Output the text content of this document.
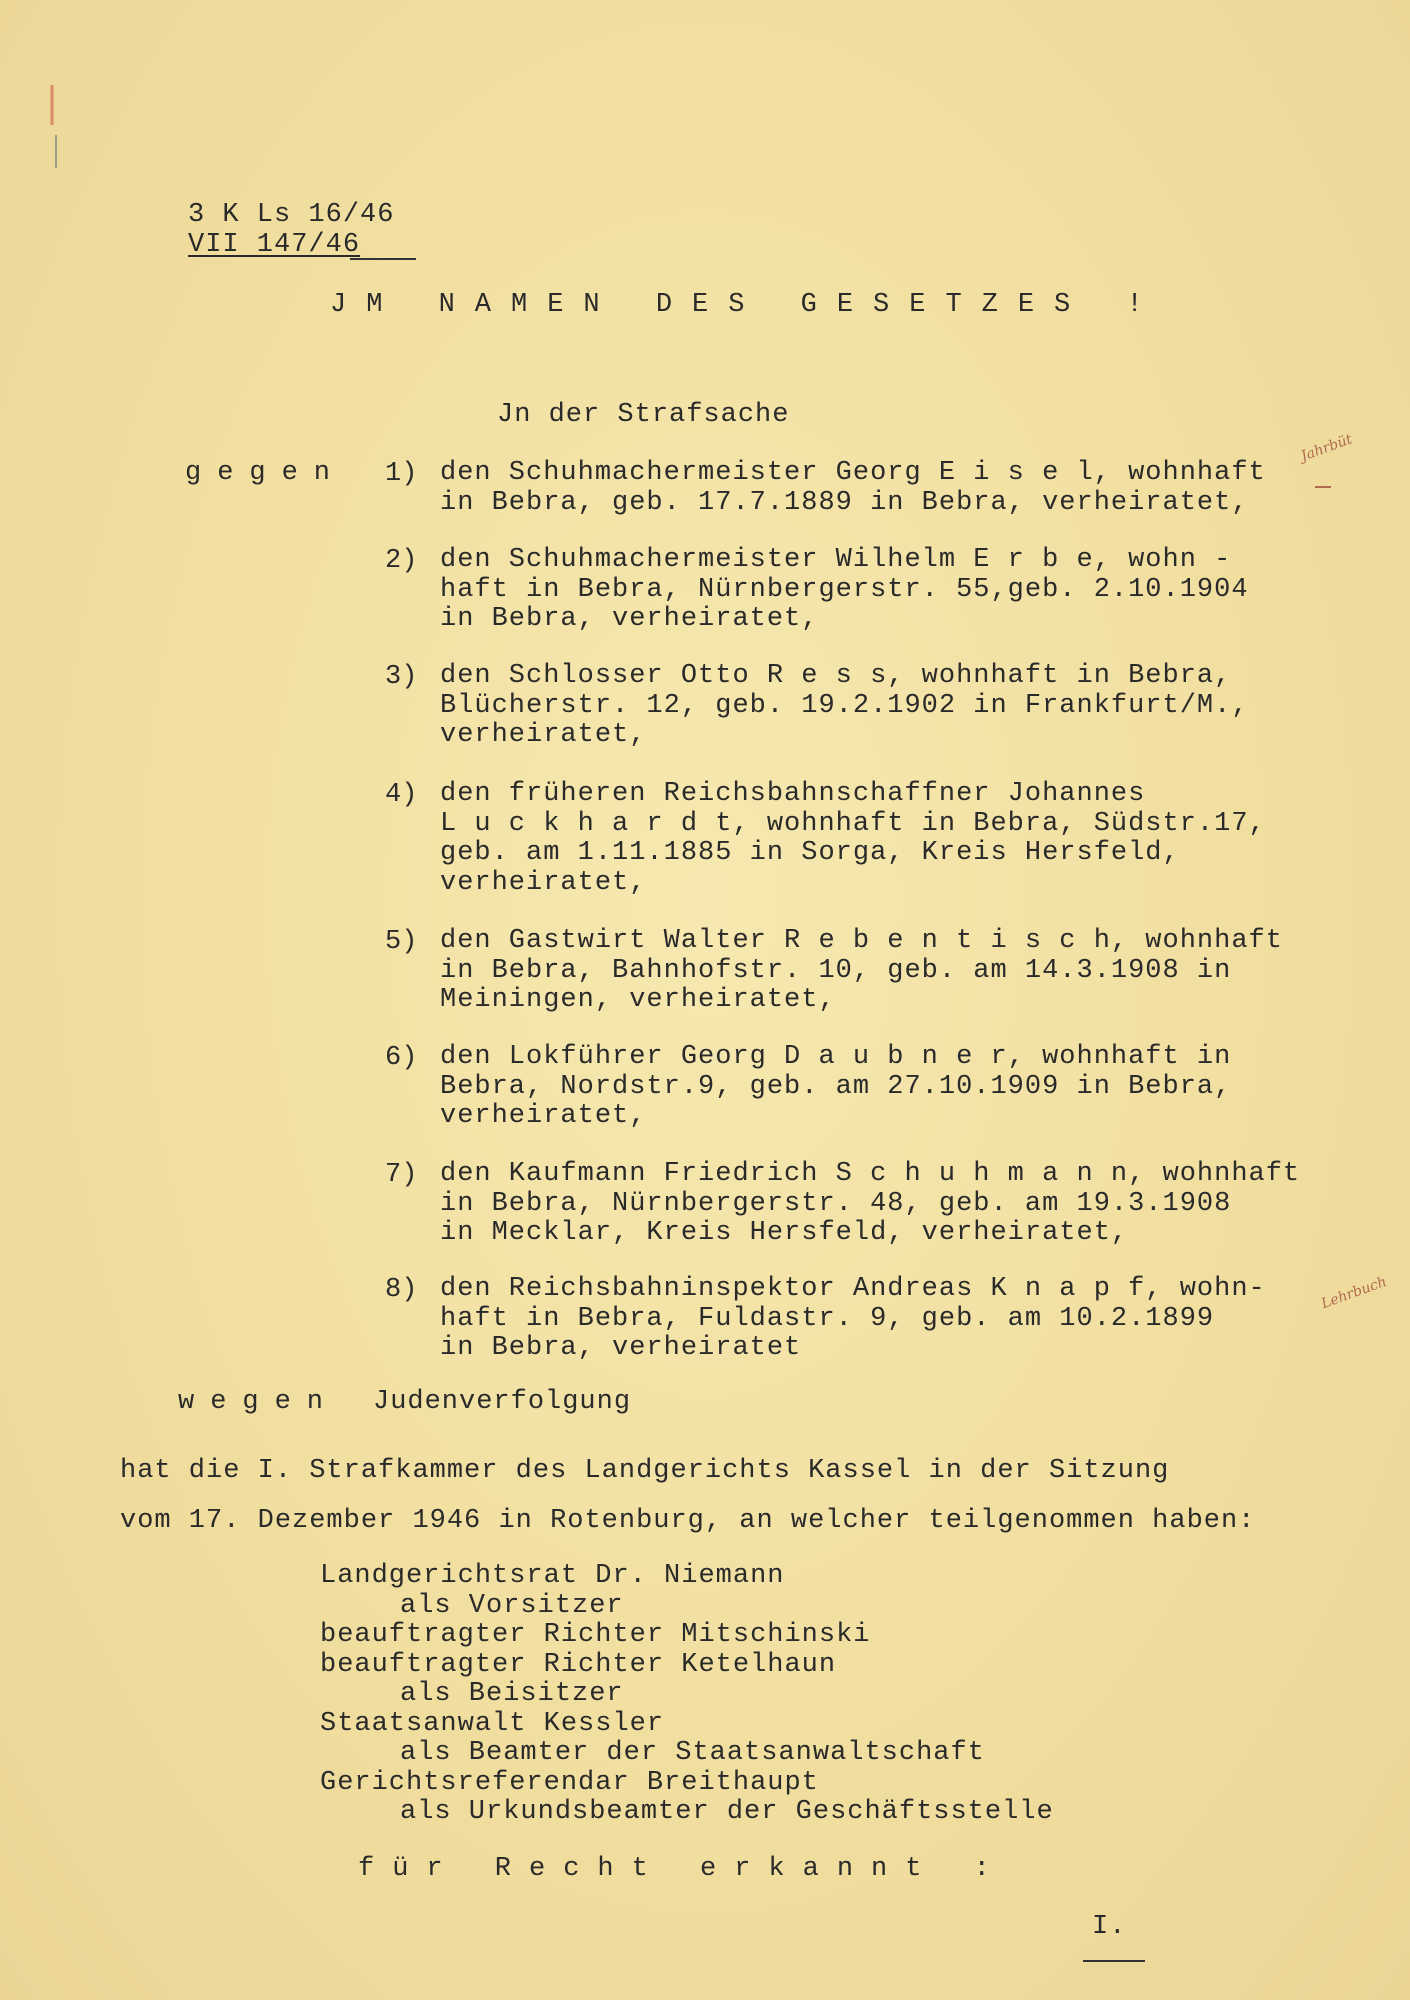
3 K Ls 16/46
VII 147/46
JM NAMEN DES GESETZES !
Jn der Strafsache
gegen 1) den Schuhmachermeister Georg E i s e l, wohnhaft
in Bebra, geb. 17.7.1889 in Bebra, verheiratet,
2) den Schuhmachermeister Wilhelm E r b e, wohn -
haft in Bebra, Nürnbergerstr. 55,geb. 2.10.1904
in Bebra, verheiratet,
3) den Schlosser Otto R e s s, wohnhaft in Bebra,
Blücherstr. 12, geb. 19.2.1902 in Frankfurt/M.,
verheiratet,
4) den früheren Reichsbahnschaffner Johannes
L u c k h a r d t, wohnhaft in Bebra, Südstr.17,
geb. am 1.11.1885 in Sorga, Kreis Hersfeld,
verheiratet,
5) den Gastwirt Walter R e b e n t i s c h, wohnhaft
in Bebra, Bahnhofstr. 10, geb. am 14.3.1908 in
Meiningen, verheiratet,
6) den Lokführer Georg D a u b n e r, wohnhaft in
Bebra, Nordstr.9, geb. am 27.10.1909 in Bebra,
verheiratet,
7) den Kaufmann Friedrich S c h u h m a n n, wohnhaft
in Bebra, Nürnbergerstr. 48, geb. am 19.3.1908
in Mecklar, Kreis Hersfeld, verheiratet,
8) den Reichsbahninspektor Andreas K n a p f, wohn-
haft in Bebra, Fuldastr. 9, geb. am 10.2.1899
in Bebra, verheiratet
Jahrbüt
Lehrbuch
wegen Judenverfolgung
hat die I. Strafkammer des Landgerichts Kassel in der Sitzung
vom 17. Dezember 1946 in Rotenburg, an welcher teilgenommen haben:
Landgerichtsrat Dr. Niemann
als Vorsitzer
beauftragter Richter Mitschinski
beauftragter Richter Ketelhaun
als Beisitzer
Staatsanwalt Kessler
als Beamter der Staatsanwaltschaft
Gerichtsreferendar Breithaupt
als Urkundsbeamter der Geschäftsstelle
für Recht erkannt :
I.
